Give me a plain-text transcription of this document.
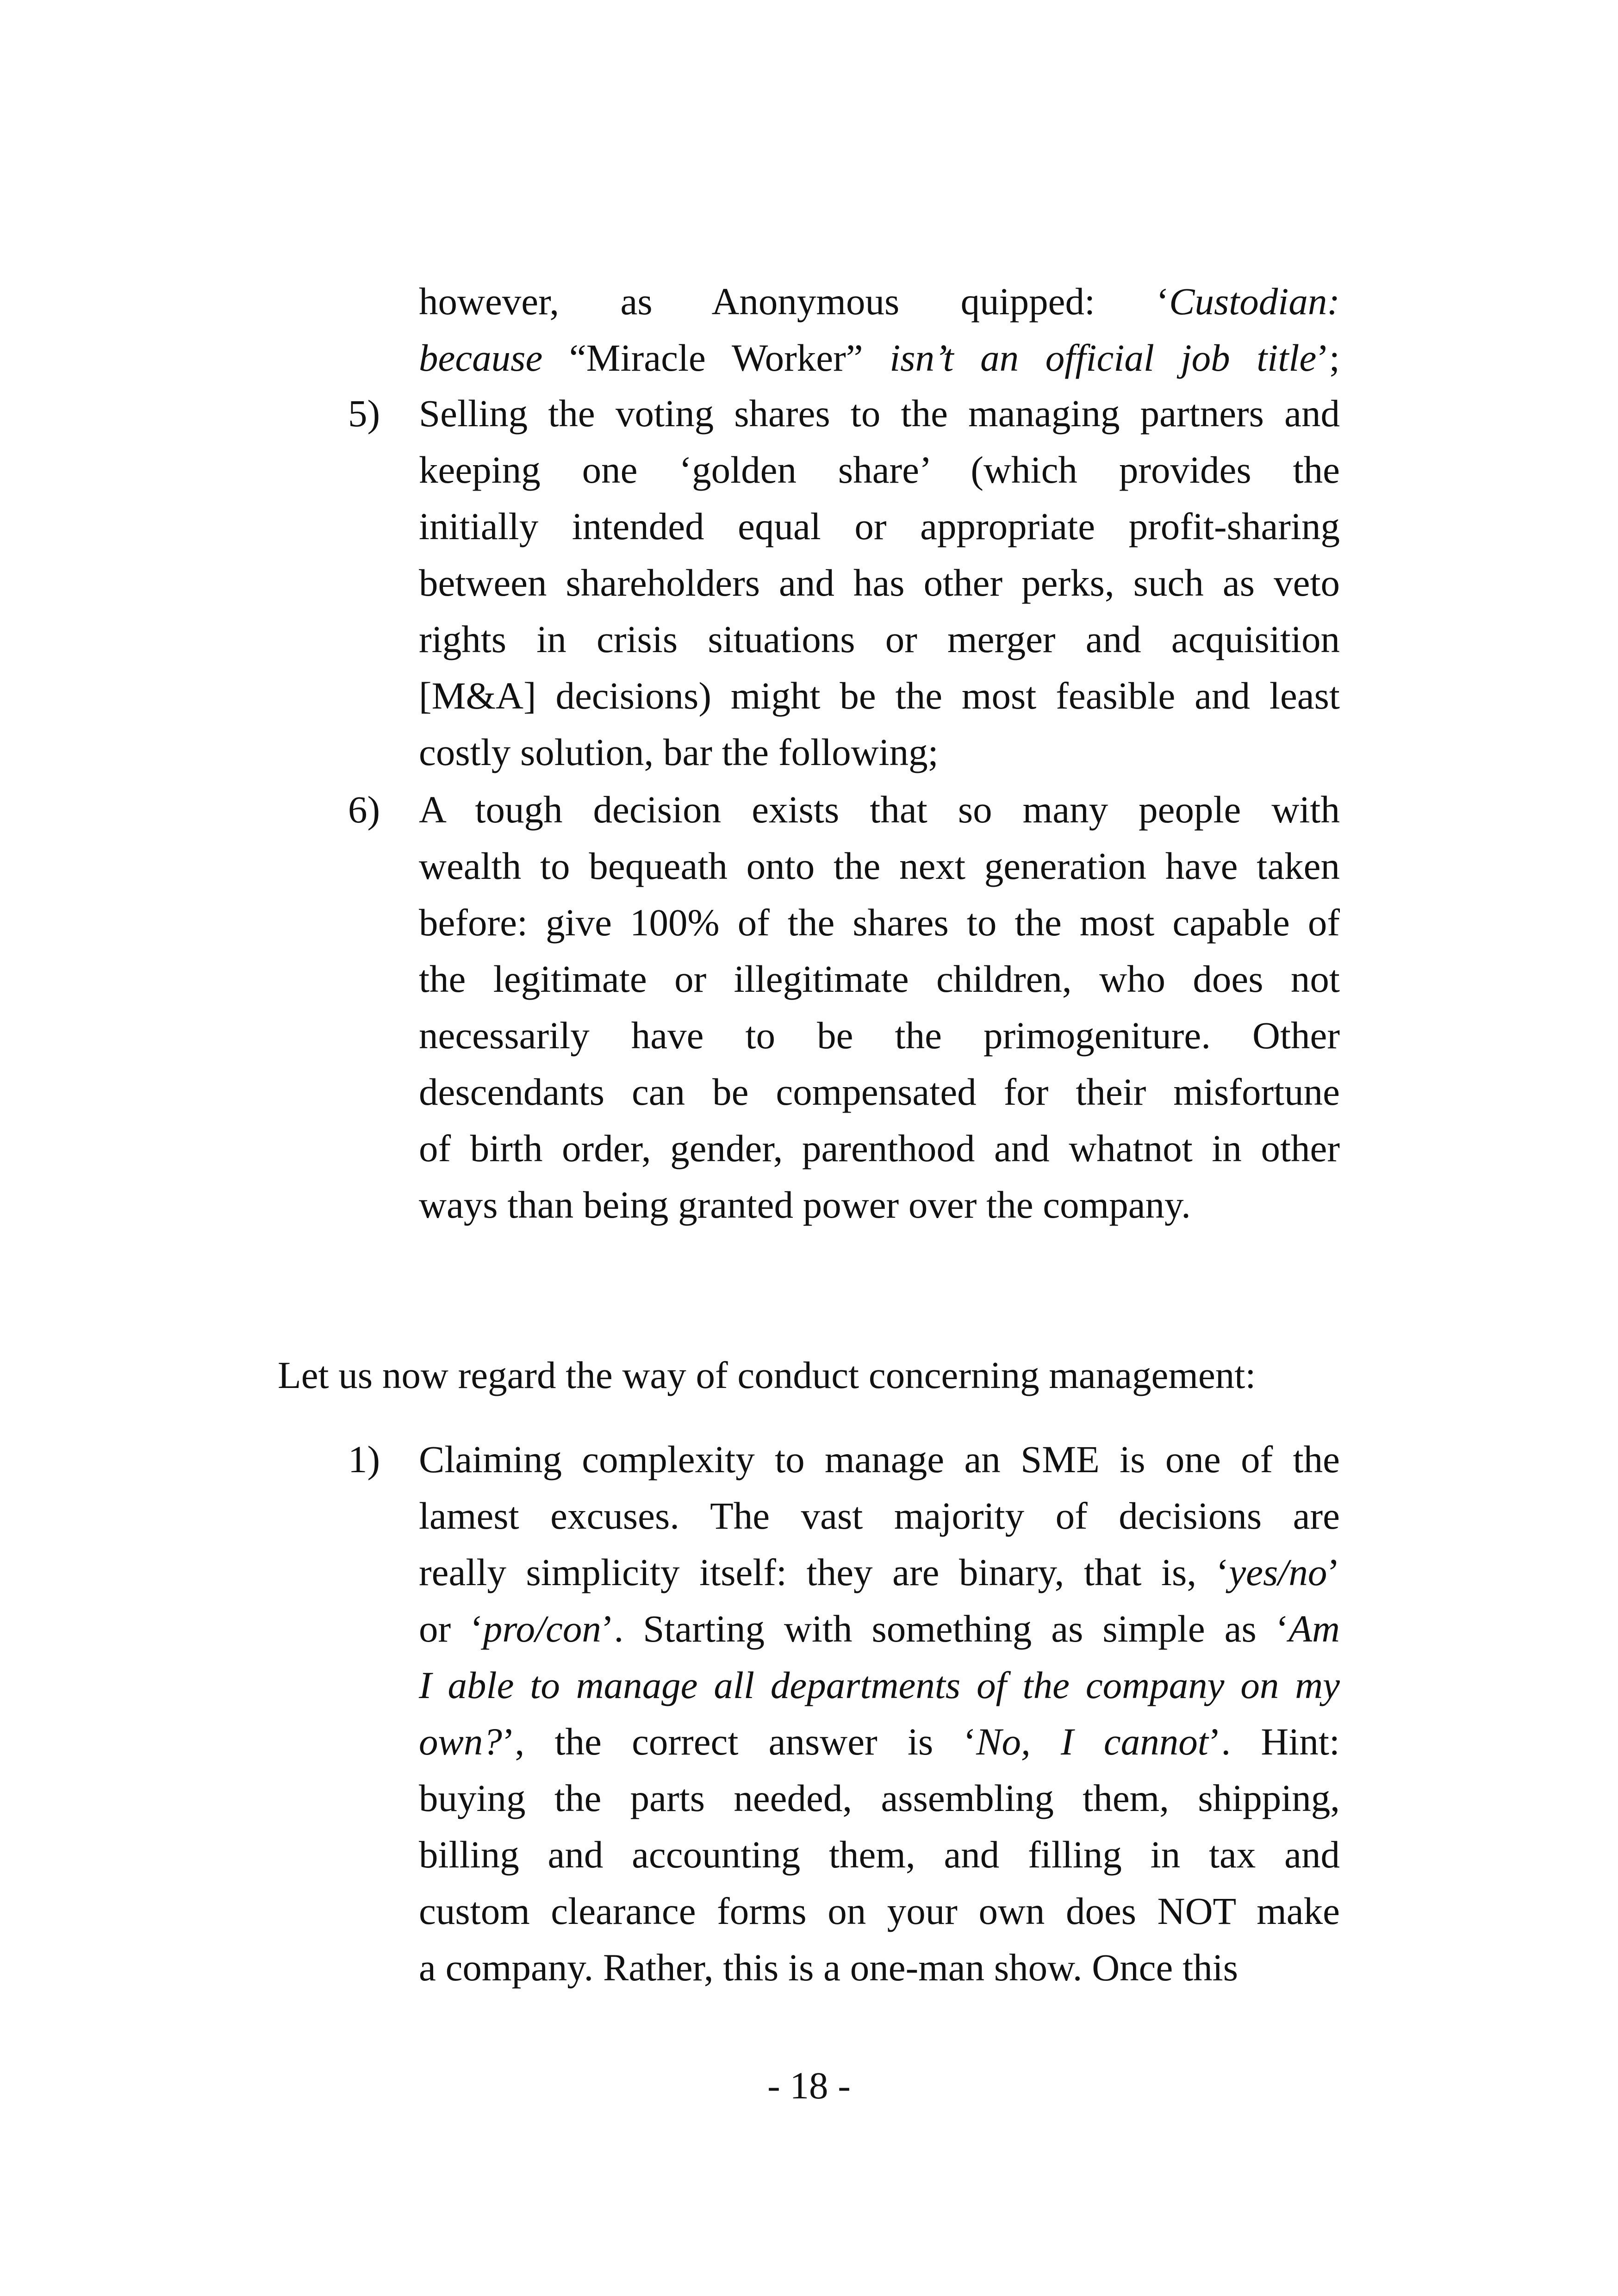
however, as Anonymous quipped: ‘Custodian:
because “Miracle Worker” isn’t an official job title’;
5) Selling the voting shares to the managing partners and
keeping one ‘golden share’ (which provides the
initially intended equal or appropriate profit-sharing
between shareholders and has other perks, such as veto
rights in crisis situations or merger and acquisition
[M&A] decisions) might be the most feasible and least
costly solution, bar the following;
6) A tough decision exists that so many people with
wealth to bequeath onto the next generation have taken
before: give 100% of the shares to the most capable of
the legitimate or illegitimate children, who does not
necessarily have to be the primogeniture. Other
descendants can be compensated for their misfortune
of birth order, gender, parenthood and whatnot in other
ways than being granted power over the company.
Let us now regard the way of conduct concerning management:
1) Claiming complexity to manage an SME is one of the
lamest excuses. The vast majority of decisions are
really simplicity itself: they are binary, that is, ‘yes/no’
or ‘pro/con’. Starting with something as simple as ‘Am
I able to manage all departments of the company on my
own?’, the correct answer is ‘No, I cannot’. Hint:
buying the parts needed, assembling them, shipping,
billing and accounting them, and filling in tax and
custom clearance forms on your own does NOT make
a company. Rather, this is a one-man show. Once this
- 18 -
